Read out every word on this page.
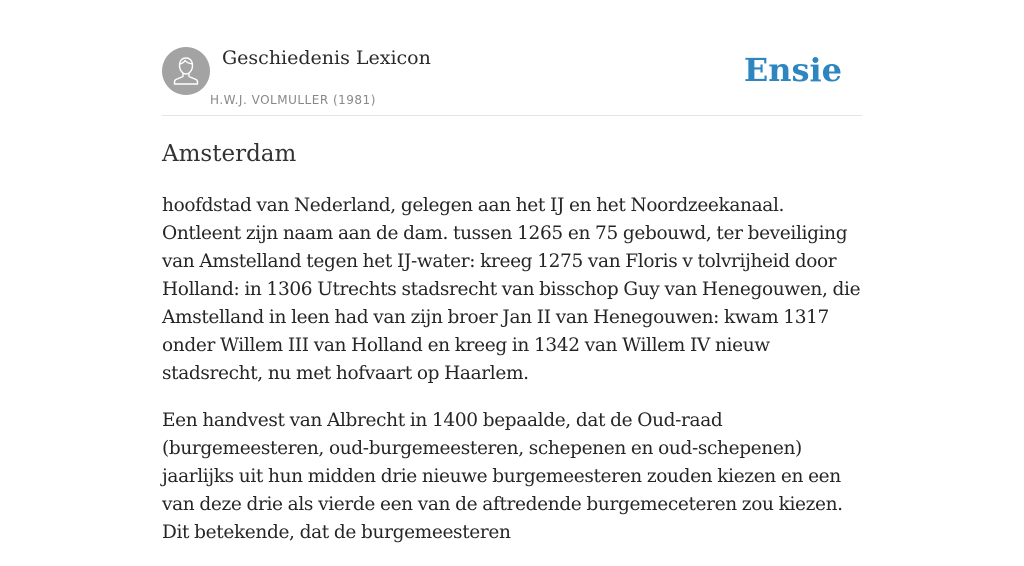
Geschiedenis Lexicon
H.W.J. VOLMULLER (1981)
Ensie
Amsterdam

hoofdstad van Nederland, gelegen aan het IJ en het Noordzeekanaal. Ontleent zijn naam aan de dam. tussen 1265 en 75 gebouwd, ter beveiliging van Amstelland tegen het IJ-water: kreeg 1275 van Floris v tolvrijheid door Holland: in 1306 Utrechts stadsrecht van bisschop Guy van Henegouwen, die Amstelland in leen had van zijn broer Jan II van Henegouwen: kwam 1317 onder Willem III van Holland en kreeg in 1342 van Willem IV nieuw stadsrecht, nu met hofvaart op Haarlem.

Een handvest van Albrecht in 1400 bepaalde, dat de Oud-raad (burgemeesteren, oud-burgemeesteren, schepenen en oud-schepenen) jaarlijks uit hun midden drie nieuwe burgemeesteren zouden kiezen en een van deze drie als vierde een van de aftredende burgemeceteren zou kiezen. Dit betekende, dat de burgemeesteren
